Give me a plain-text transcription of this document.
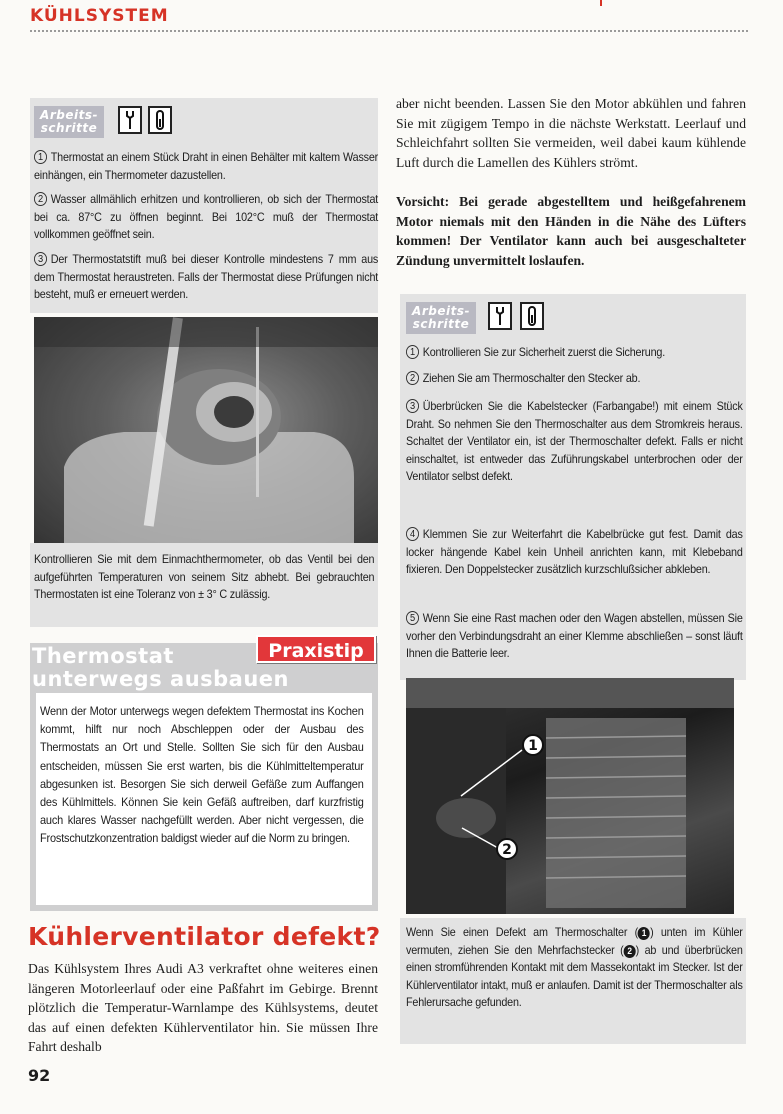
KÜHLSYSTEM
Arbeits-
schritte
1 Thermostat an einem Stück Draht in einen Behälter mit kaltem Wasser einhängen, ein Thermometer dazustellen.
2 Wasser allmählich erhitzen und kontrollieren, ob sich der Thermostat bei ca. 87°C zu öffnen beginnt. Bei 102°C muß der Thermostat vollkommen geöffnet sein.
3 Der Thermostatstift muß bei dieser Kontrolle mindestens 7 mm aus dem Thermostat heraustreten. Falls der Thermostat diese Prüfungen nicht besteht, muß er erneuert werden.
Kontrollieren Sie mit dem Einmachthermometer, ob das Ventil bei den aufgeführten Temperaturen von seinem Sitz abhebt. Bei gebrauchten Thermostaten ist eine Toleranz von ± 3° C zulässig.
Thermostat
unterwegs ausbauen
Praxistip
Wenn der Motor unterwegs wegen defektem Thermostat ins Kochen kommt, hilft nur noch Abschleppen oder der Ausbau des Thermostats an Ort und Stelle. Sollten Sie sich für den Ausbau entscheiden, müssen Sie erst warten, bis die Kühlmitteltemperatur abgesunken ist. Besorgen Sie sich derweil Gefäße zum Auffangen des Kühlmittels. Können Sie kein Gefäß auftreiben, darf kurzfristig auch klares Wasser nachgefüllt werden. Aber nicht vergessen, die Frostschutzkonzentration baldigst wieder auf die Norm zu bringen.
Kühlerventilator defekt?
Das Kühlsystem Ihres Audi A3 verkraftet ohne weiteres einen längeren Motorleerlauf oder eine Paßfahrt im Gebirge. Brennt plötzlich die Temperatur-Warnlampe des Kühlsystems, deutet das auf einen defekten Kühlerventilator hin. Sie müssen Ihre Fahrt deshalb
92
aber nicht beenden. Lassen Sie den Motor abkühlen und fahren Sie mit zügigem Tempo in die nächste Werkstatt. Leerlauf und Schleichfahrt sollten Sie vermeiden, weil dabei kaum kühlende Luft durch die Lamellen des Kühlers strömt.
Vorsicht: Bei gerade abgestelltem und heißgefahrenem Motor niemals mit den Händen in die Nähe des Lüfters kommen! Der Ventilator kann auch bei ausgeschalteter Zündung unvermittelt loslaufen.
Arbeits-
schritte
1 Kontrollieren Sie zur Sicherheit zuerst die Sicherung.
2 Ziehen Sie am Thermoschalter den Stecker ab.
3 Überbrücken Sie die Kabelstecker (Farbangabe!) mit einem Stück Draht. So nehmen Sie den Thermoschalter aus dem Stromkreis heraus. Schaltet der Ventilator ein, ist der Thermoschalter defekt. Falls er nicht einschaltet, ist entweder das Zuführungskabel unterbrochen oder der Ventilator selbst defekt.
4 Klemmen Sie zur Weiterfahrt die Kabelbrücke gut fest. Damit das locker hängende Kabel kein Unheil anrichten kann, mit Klebeband fixieren. Den Doppelstecker zusätzlich kurzschlußsicher abkleben.
5 Wenn Sie eine Rast machen oder den Wagen abstellen, müssen Sie vorher den Verbindungsdraht an einer Klemme abschließen – sonst läuft Ihnen die Batterie leer.
1
2
Wenn Sie einen Defekt am Thermoschalter ( 1 ) unten im Kühler vermuten, ziehen Sie den Mehrfachstecker ( 2 ) ab und überbrücken einen stromführenden Kontakt mit dem Massekontakt im Stecker. Ist der Kühlerventilator intakt, muß er anlaufen. Damit ist der Thermoschalter als Fehlerursache gefunden.
